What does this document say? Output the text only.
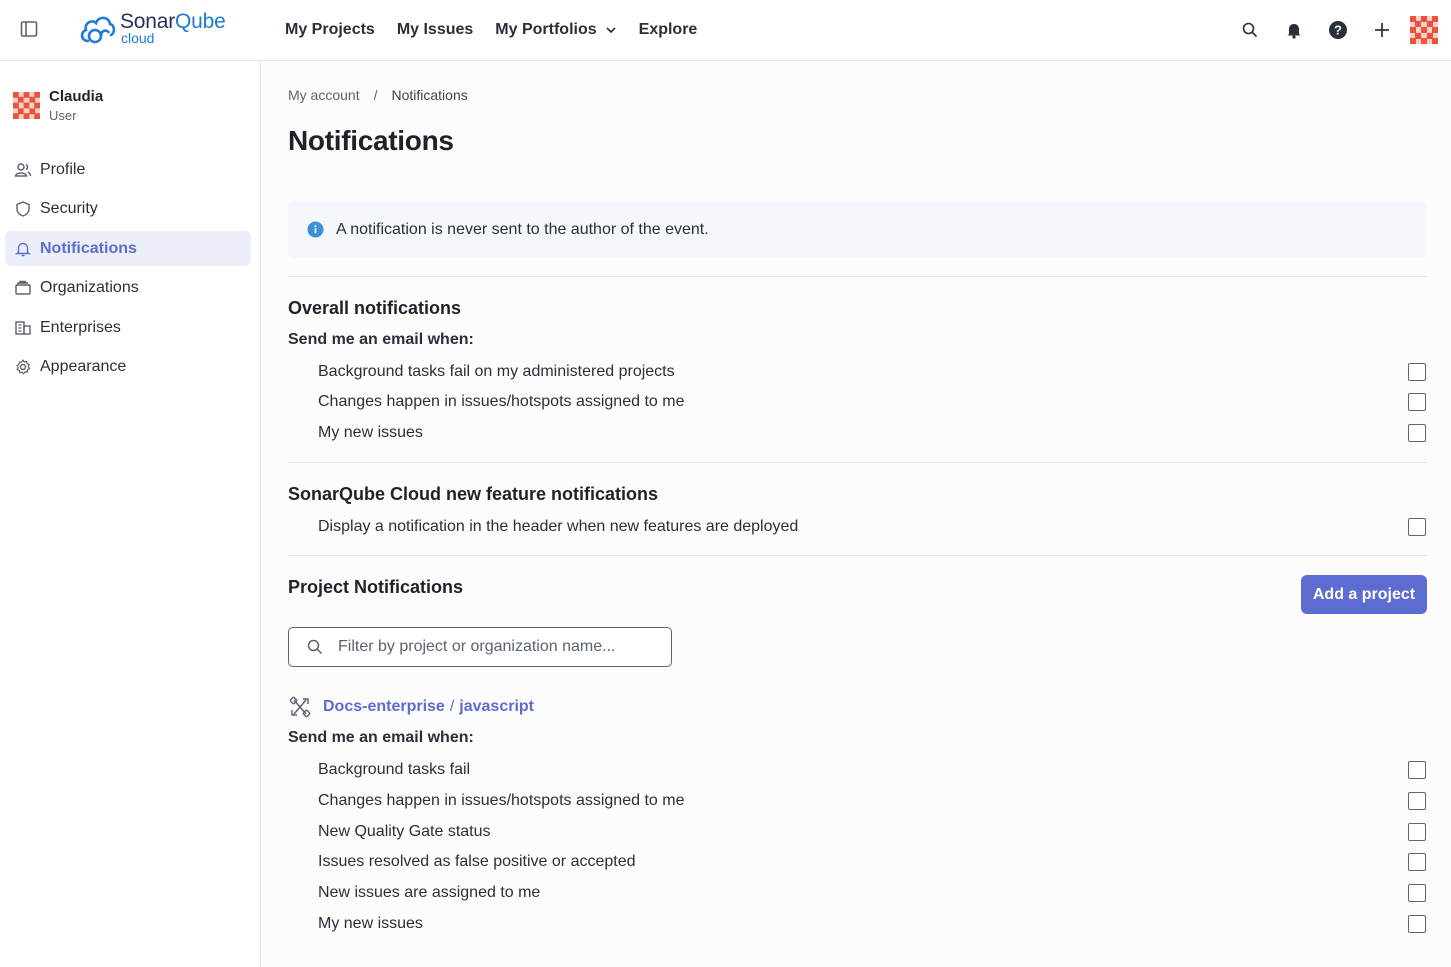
SonarQube
cloud	My Projects My Issues My Portfolios	Explore	?
Claudia
User
Profile
Security
Notifications
Organizations
Enterprises
Appearance
My account / Notifications
Notifications
A notification is never sent to the author of the event.
Overall notifications
Send me an email when:
Background tasks fail on my administered projects
Changes happen in issues/hotspots assigned to me
My new issues
SonarQube Cloud new feature notifications
Display a notification in the header when new features are deployed
Project Notifications	Add a project
Filter by project or organization name...
Docs-enterprise / javascript
Send me an email when:
Background tasks fail
Changes happen in issues/hotspots assigned to me
New Quality Gate status
Issues resolved as false positive or accepted
New issues are assigned to me
My new issues
